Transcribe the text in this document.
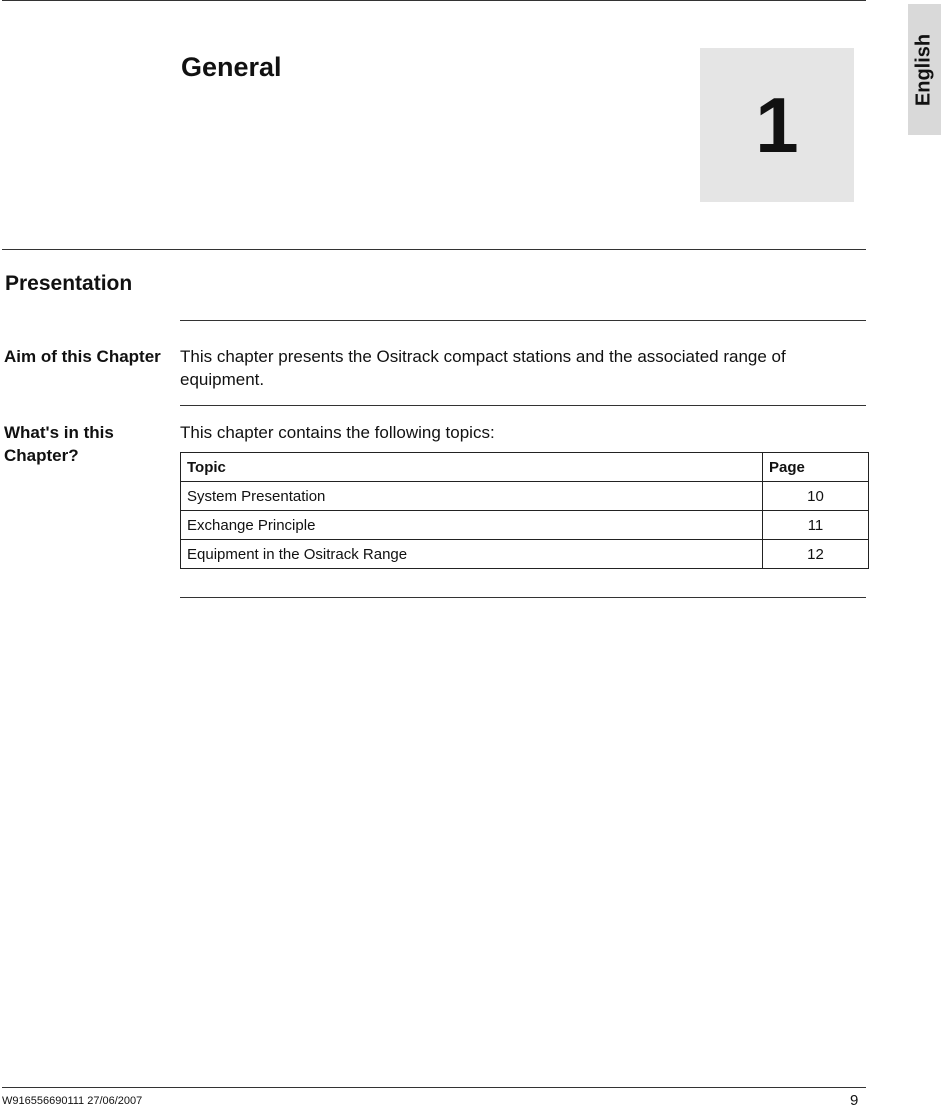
English
General
1
Presentation
Aim of this Chapter This chapter presents the Ositrack compact stations and the associated range of equipment.
What's in this Chapter?
This chapter contains the following topics:
Topic	Page
System Presentation	10
Exchange Principle	11
Equipment in the Ositrack Range	12
W916556690111 27/06/2007	9
